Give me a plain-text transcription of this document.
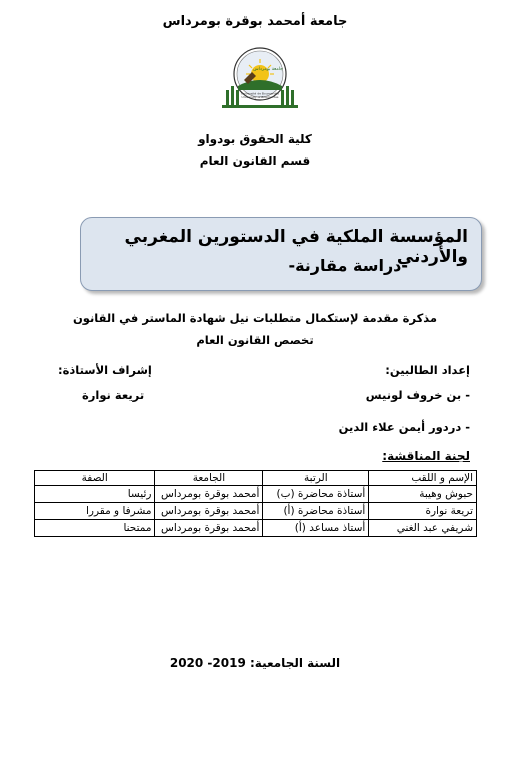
جامعة أمحمد بوقرة بومرداس
جامعة بومرداس
Université de Boumerdès
University of Boumerdes
كلية الحقوق بودواو
قسم القانون العام
المؤسسة الملكية في الدستورين المغربي والأردني
-دراسة مقارنة-
مذكرة مقدمة لإستكمال متطلبات نيل شهادة الماستر في القانون
تخصص القانون العام
إعداد الطالبين:
- بن خروف لونيس
- دردور أيمن علاء الدين
إشراف الأستاذة:
تريعة نوارة
لجنة المناقشة:
الإسم و اللقب	الرتبة	الجامعة	الصفة
حبوش وهيبة	أستاذة محاضرة (ب)	أمحمد بوقرة بومرداس	رئيسا
تريعة نوارة	أستاذة محاضرة (أ)	أمحمد بوقرة بومرداس	مشرفا و مقررا
شريفي عبد الغني	أستاذ مساعد (أ)	أمحمد بوقرة بومرداس	ممتحنا
السنة الجامعية: 2019- 2020
